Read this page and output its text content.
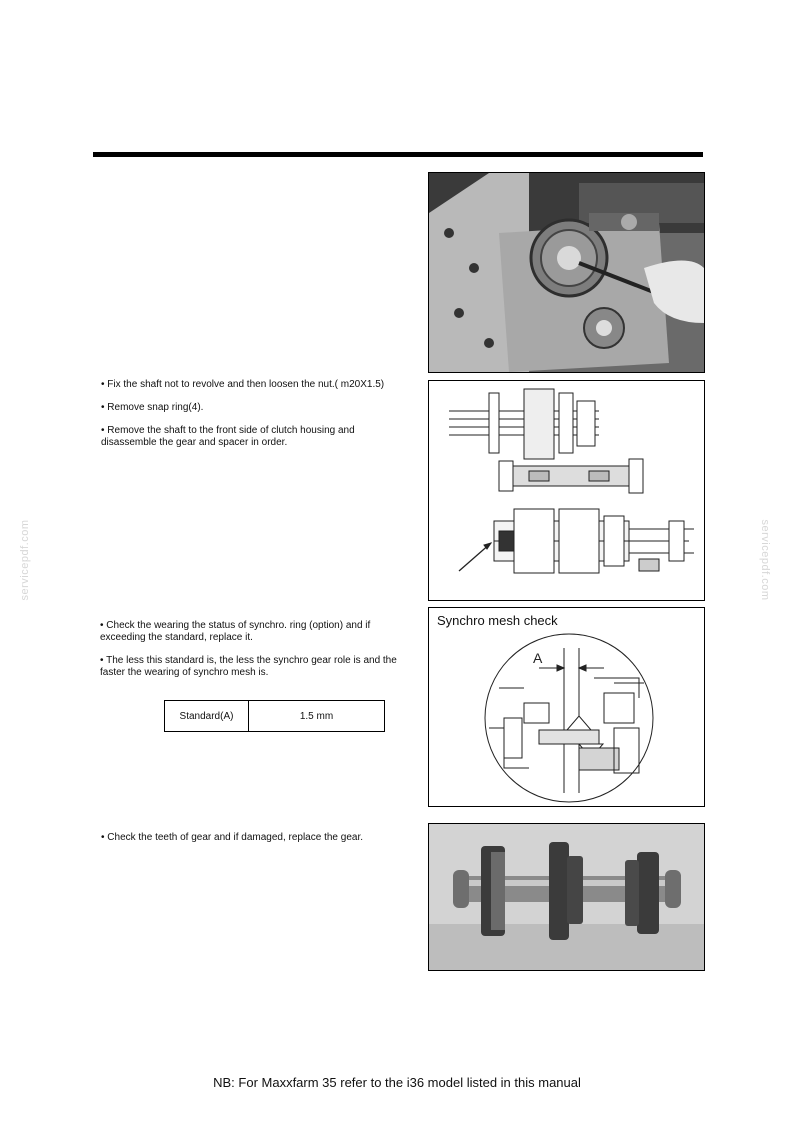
servicepdf.com	servicepdf.com

• Fix the shaft not to revolve and then loosen the nut.( m20X1.5)

• Remove snap ring(4).

• Remove the shaft to the front side of clutch housing and disassemble the gear and spacer in order.

• Check the wearing the status of synchro. ring (option) and if exceeding the standard, replace it.

• The less this standard is, the less the synchro gear role is and the faster the wearing of synchro mesh is.

Standard(A)	1.5 mm
Synchro mesh check
A

• Check the teeth of gear and if damaged, replace the gear.

NB: For Maxxfarm 35 refer to the i36 model listed in this manual
